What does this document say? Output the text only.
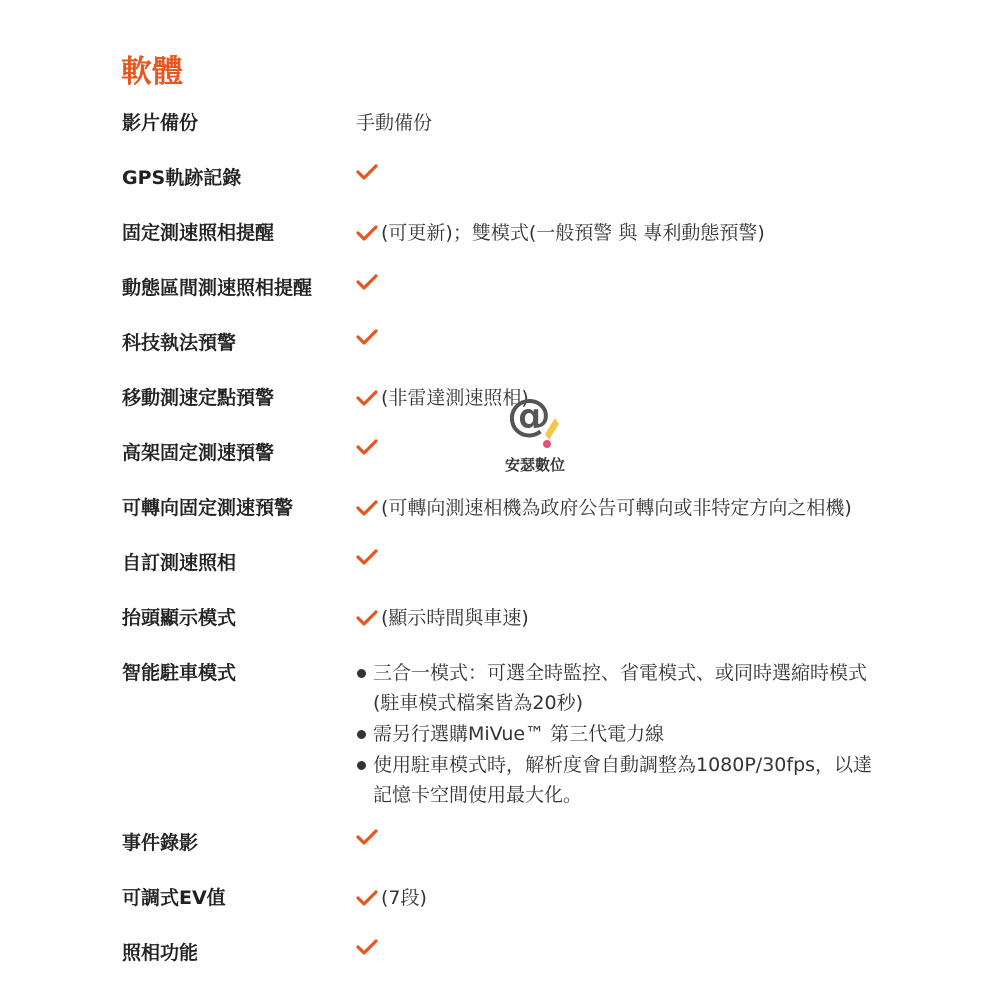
軟體
影片備份	手動備份
GPS軌跡記錄
固定測速照相提醒	(可更新)；雙模式(一般預警 與 專利動態預警)
動態區間測速照相提醒
科技執法預警
移動測速定點預警	(非雷達測速照相)
高架固定測速預警
可轉向固定測速預警	(可轉向測速相機為政府公告可轉向或非特定方向之相機)
自訂測速照相
抬頭顯示模式	(顯示時間與車速)
智能駐車模式	三合一模式：可選全時監控、省電模式、或同時選縮時模式
(駐車模式檔案皆為20秒)
需另行選購MiVue™ 第三代電力線
使用駐車模式時，解析度會自動調整為1080P/30fps，以達
記憶卡空間使用最大化。
事件錄影
可調式EV值	(7段)
照相功能
@
安瑟數位
